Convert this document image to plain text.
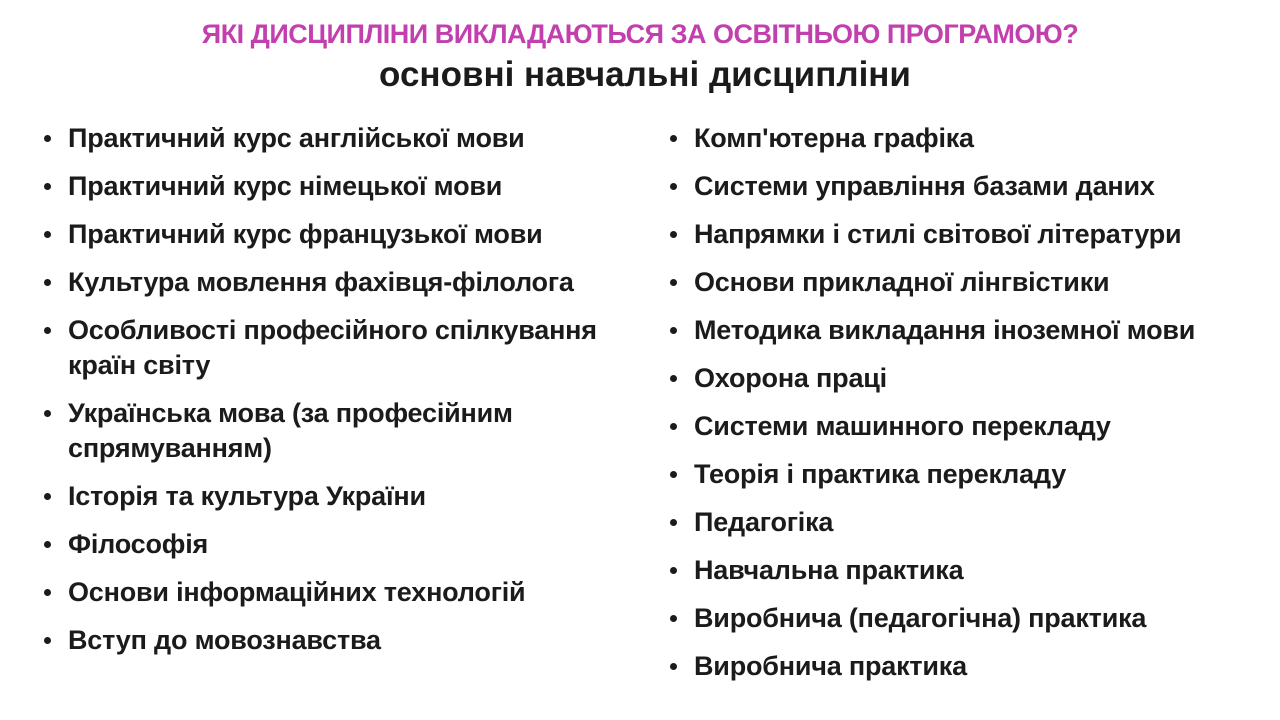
ЯКІ ДИСЦИПЛІНИ ВИКЛАДАЮТЬСЯ ЗА ОСВІТНЬОЮ ПРОГРАМОЮ?
основні навчальні дисципліни
Практичний курс англійської мови
Практичний курс німецької мови
Практичний курс французької мови
Культура мовлення фахівця-філолога
Особливості професійного спілкування країн світу
Українська мова (за професійним спрямуванням)
Історія та культура України
Філософія
Основи інформаційних технологій
Вступ до мовознавства
Комп'ютерна графіка
Системи управління базами даних
Напрямки і стилі світової літератури
Основи прикладної лінгвістики
Методика викладання іноземної мови
Охорона праці
Системи машинного перекладу
Теорія і практика перекладу
Педагогіка
Навчальна практика
Виробнича (педагогічна) практика
Виробнича практика
